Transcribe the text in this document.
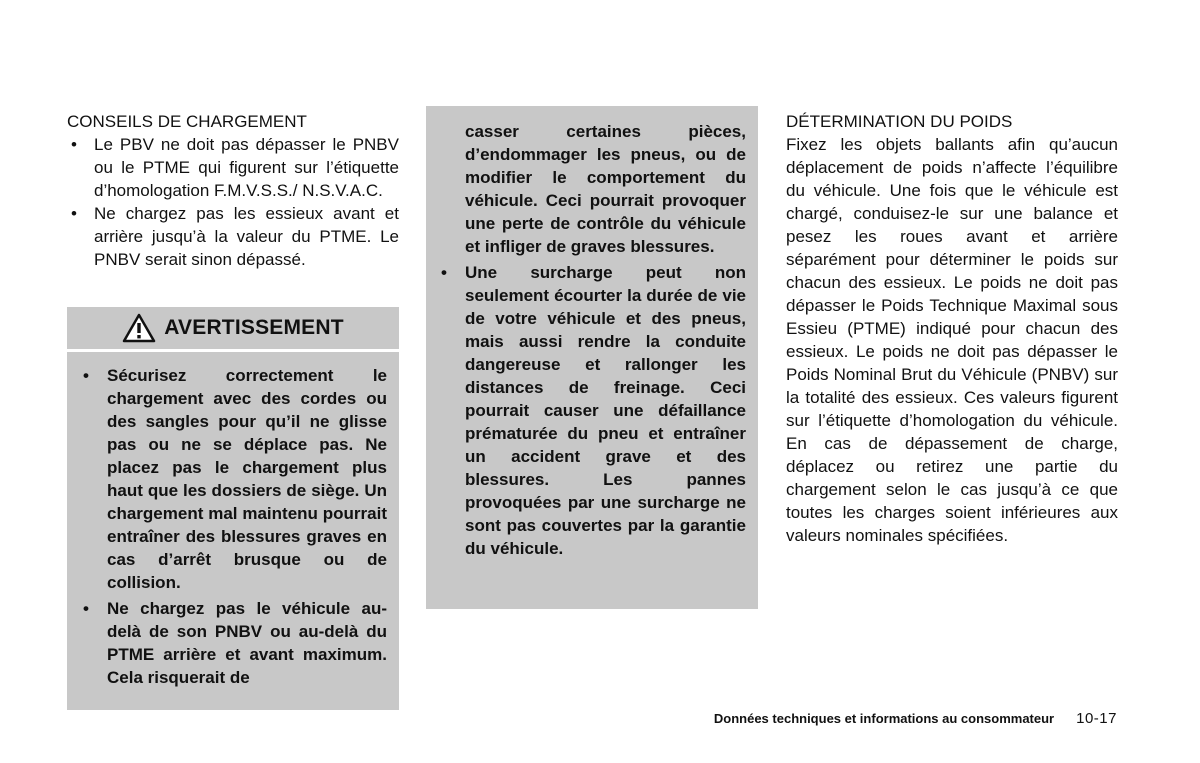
CONSEILS DE CHARGEMENT
• Le PBV ne doit pas dépasser le PNBV ou le PTME qui figurent sur l’étiquette d’homologation F.M.V.S.S./ N.S.V.A.C.
• Ne chargez pas les essieux avant et arrière jusqu’à la valeur du PTME. Le PNBV serait sinon dépassé.
AVERTISSEMENT
• Sécurisez correctement le chargement avec des cordes ou des sangles pour qu’il ne glisse pas ou ne se déplace pas. Ne placez pas le chargement plus haut que les dossiers de siège. Un chargement mal maintenu pourrait entraîner des blessures graves en cas d’arrêt brusque ou de collision.
• Ne chargez pas le véhicule au-delà de son PNBV ou au-delà du PTME arrière et avant maximum. Cela risquerait de
casser certaines pièces, d’endommager les pneus, ou de modifier le comportement du véhicule. Ceci pourrait provoquer une perte de contrôle du véhicule et infliger de graves blessures.
• Une surcharge peut non seulement écourter la durée de vie de votre véhicule et des pneus, mais aussi rendre la conduite dangereuse et rallonger les distances de freinage. Ceci pourrait causer une défaillance prématurée du pneu et entraîner un accident grave et des blessures. Les pannes provoquées par une surcharge ne sont pas couvertes par la garantie du véhicule.
DÉTERMINATION DU POIDS

Fixez les objets ballants afin qu’aucun déplacement de poids n’affecte l’équilibre du véhicule. Une fois que le véhicule est chargé, conduisez-le sur une balance et pesez les roues avant et arrière séparément pour déterminer le poids sur chacun des essieux. Le poids ne doit pas dépasser le Poids Technique Maximal sous Essieu (PTME) indiqué pour chacun des essieux. Le poids ne doit pas dépasser le Poids Nominal Brut du Véhicule (PNBV) sur la totalité des essieux. Ces valeurs figurent sur l’étiquette d’homologation du véhicule. En cas de dépassement de charge, déplacez ou retirez une partie du chargement selon le cas jusqu’à ce que toutes les charges soient inférieures aux valeurs nominales spécifiées.

Données techniques et informations au consommateur 10-17
